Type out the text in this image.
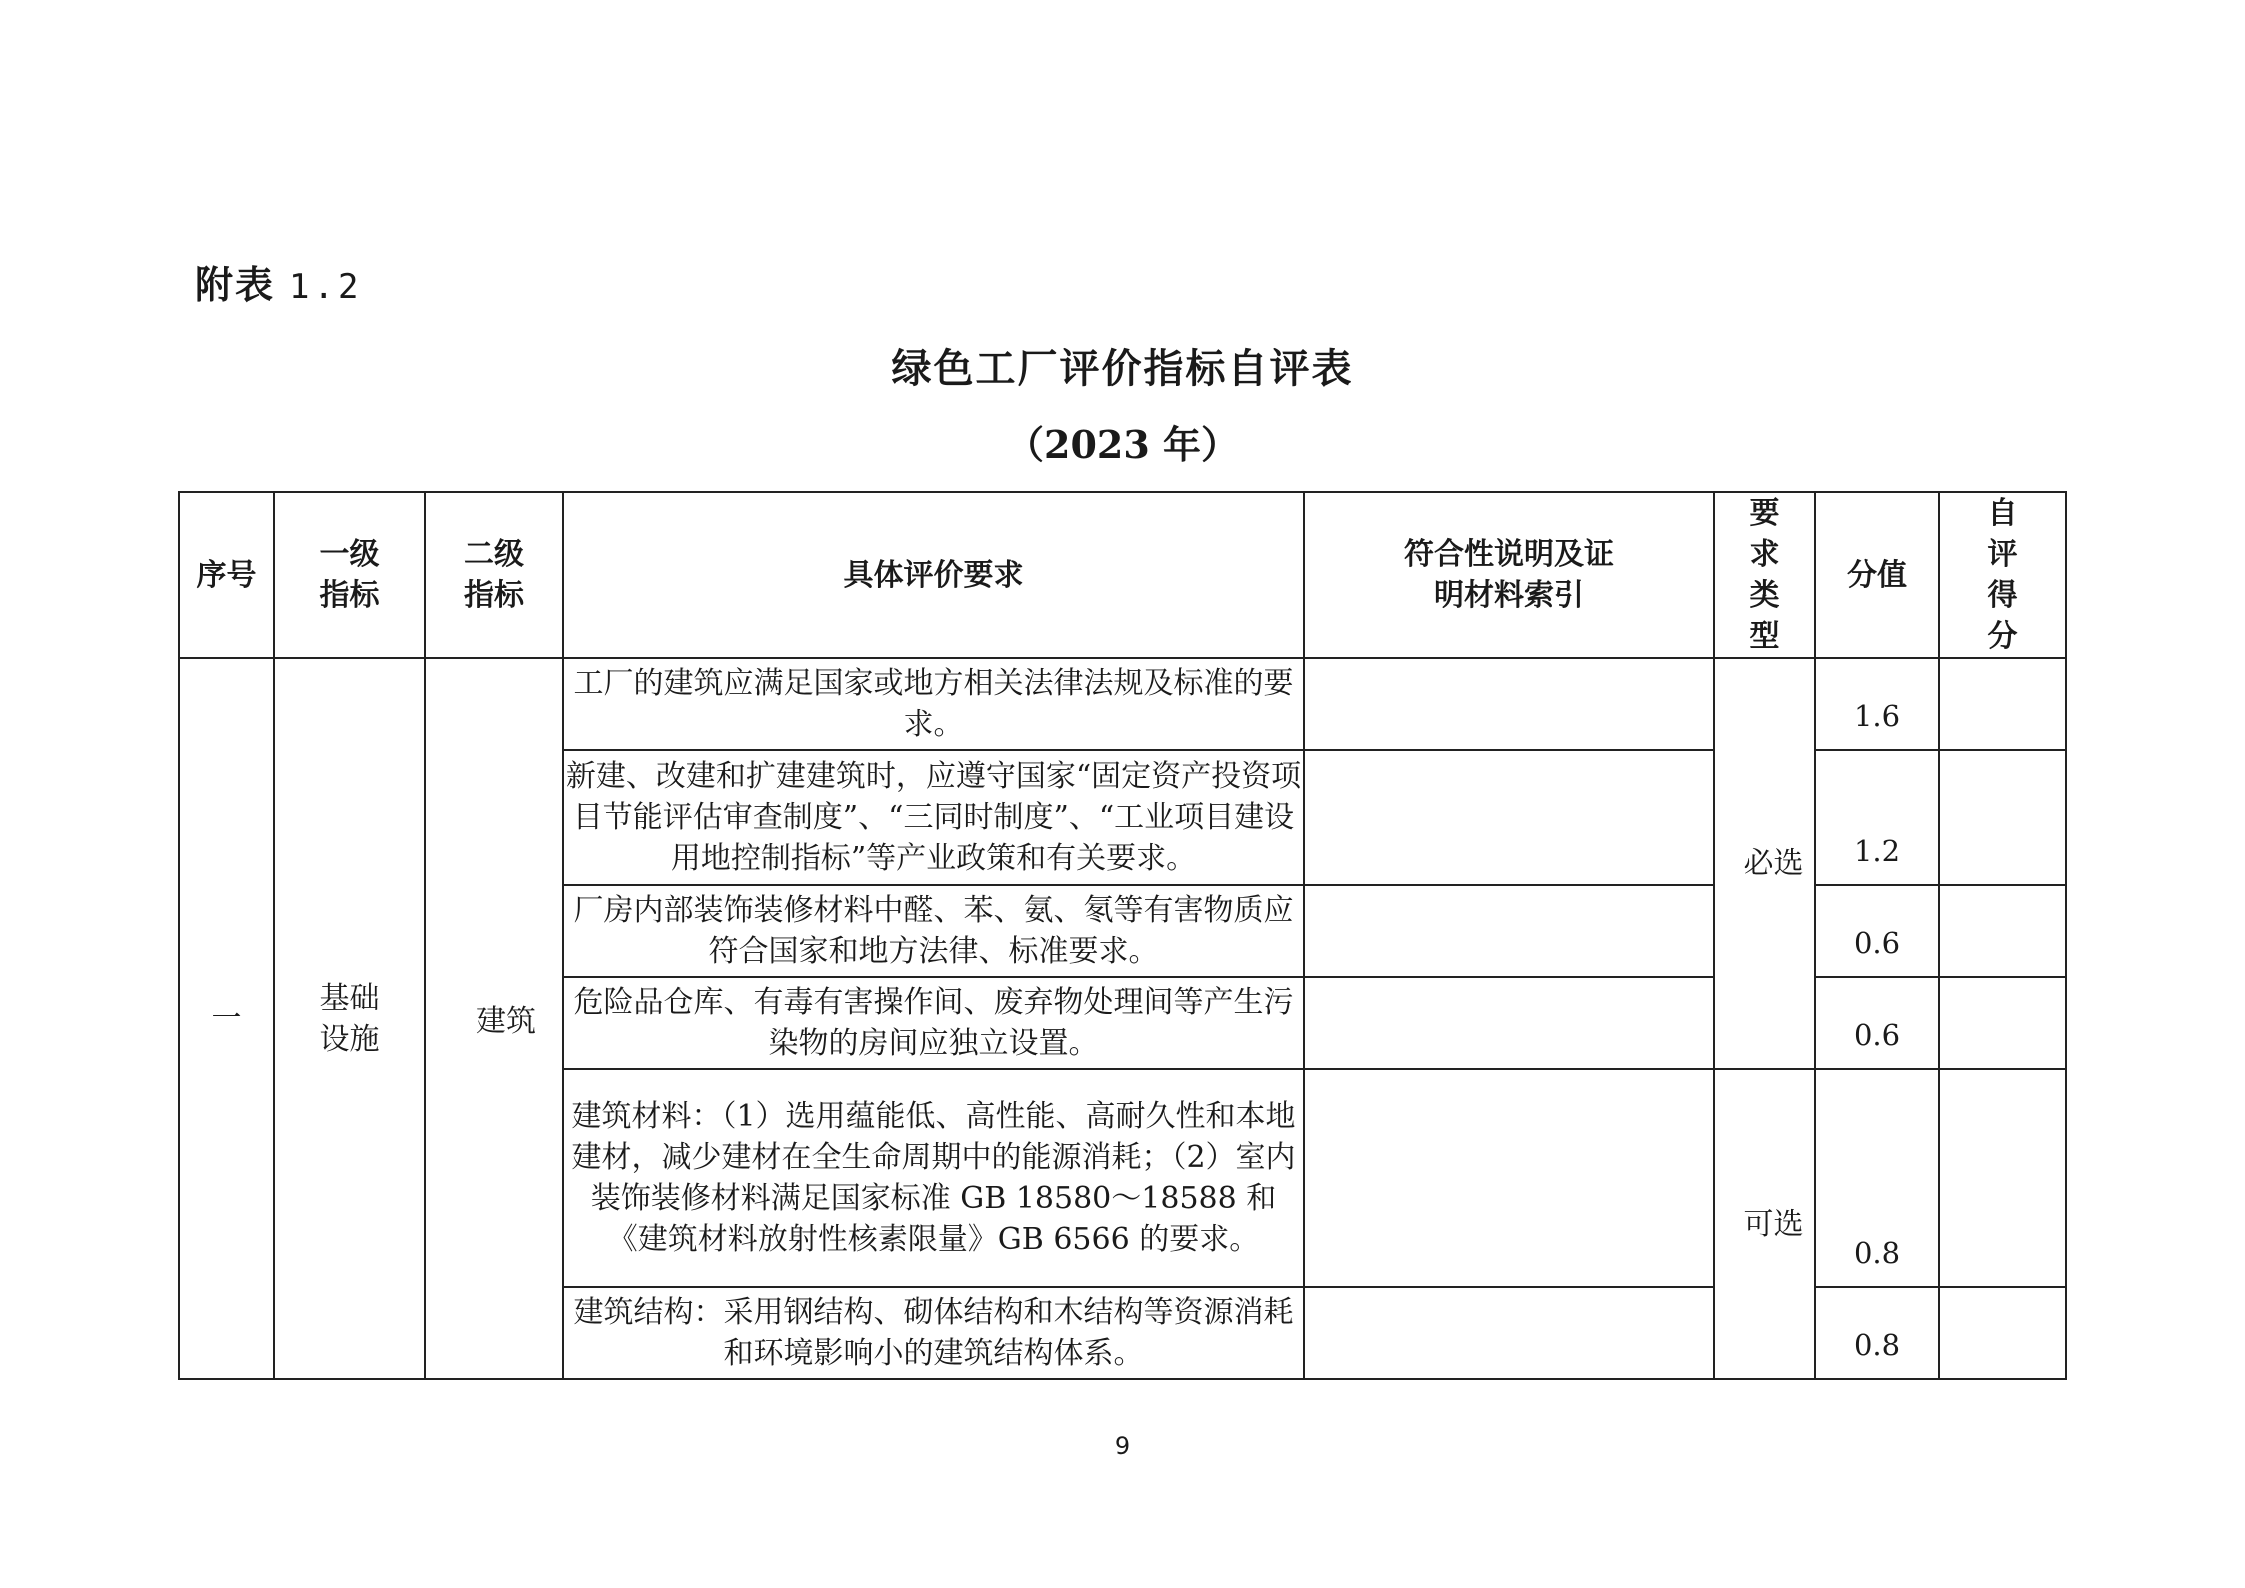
附表 1.2
绿色工厂评价指标自评表
（2023 年）
序号	一级指标	二级指标	具体评价要求	符合性说明及证明材料索引	要求类型	分值	自评得分

一	基础设施	建筑	工厂的建筑应满足国家或地方相关法律法规及标准的要求。		必选	1.6	
			新建、改建和扩建建筑时，应遵守国家“固定资产投资项目节能评估审查制度”、“三同时制度”、“工业项目建设用地控制指标”等产业政策和有关要求。			1.2	
			厂房内部装饰装修材料中醛、苯、氨、氡等有害物质应符合国家和地方法律、标准要求。			0.6	
			危险品仓库、有毒有害操作间、废弃物处理间等产生污染物的房间应独立设置。			0.6	
			建筑材料：（1）选用蕴能低、高性能、高耐久性和本地建材，减少建材在全生命周期中的能源消耗；（2）室内装饰装修材料满足国家标准 GB 18580～18588 和《建筑材料放射性核素限量》GB 6566 的要求。		可选	0.8	
			建筑结构：采用钢结构、砌体结构和木结构等资源消耗和环境影响小的建筑结构体系。			0.8	
9
